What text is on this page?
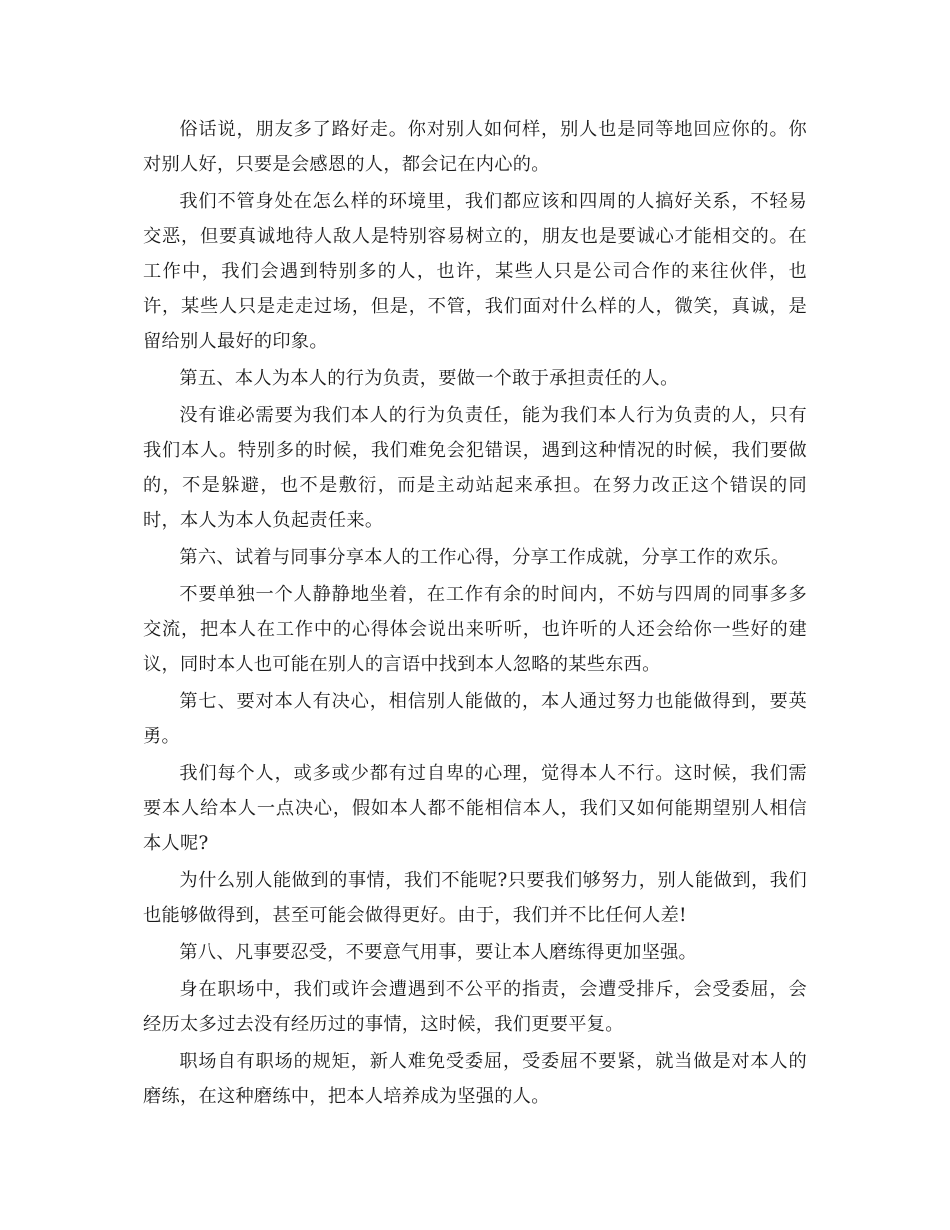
俗话说，朋友多了路好走。你对别人如何样，别人也是同等地回应你的。你对别人好，只要是会感恩的人，都会记在内心的。

我们不管身处在怎么样的环境里，我们都应该和四周的人搞好关系，不轻易交恶，但要真诚地待人敌人是特别容易树立的，朋友也是要诚心才能相交的。在工作中，我们会遇到特别多的人，也许，某些人只是公司合作的来往伙伴，也许，某些人只是走走过场，但是，不管，我们面对什么样的人，微笑，真诚，是留给别人最好的印象。

第五、本人为本人的行为负责，要做一个敢于承担责任的人。

没有谁必需要为我们本人的行为负责任，能为我们本人行为负责的人，只有我们本人。特别多的时候，我们难免会犯错误，遇到这种情况的时候，我们要做的，不是躲避，也不是敷衍，而是主动站起来承担。在努力改正这个错误的同时，本人为本人负起责任来。

第六、试着与同事分享本人的工作心得，分享工作成就，分享工作的欢乐。

不要单独一个人静静地坐着，在工作有余的时间内，不妨与四周的同事多多交流，把本人在工作中的心得体会说出来听听，也许听的人还会给你一些好的建议，同时本人也可能在别人的言语中找到本人忽略的某些东西。

第七、要对本人有决心，相信别人能做的，本人通过努力也能做得到，要英勇。

我们每个人，或多或少都有过自卑的心理，觉得本人不行。这时候，我们需要本人给本人一点决心，假如本人都不能相信本人，我们又如何能期望别人相信本人呢?

为什么别人能做到的事情，我们不能呢?只要我们够努力，别人能做到，我们也能够做得到，甚至可能会做得更好。由于，我们并不比任何人差!

第八、凡事要忍受，不要意气用事，要让本人磨练得更加坚强。

身在职场中，我们或许会遭遇到不公平的指责，会遭受排斥，会受委屈，会经历太多过去没有经历过的事情，这时候，我们更要平复。

职场自有职场的规矩，新人难免受委屈，受委屈不要紧，就当做是对本人的磨练，在这种磨练中，把本人培养成为坚强的人。
